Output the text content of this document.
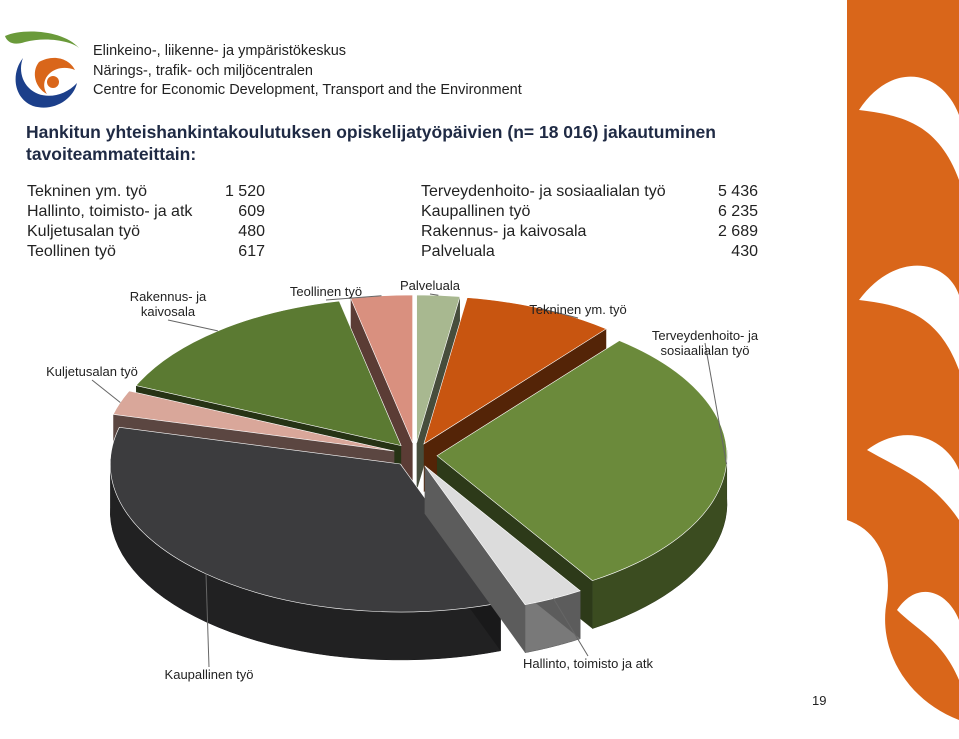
Elinkeino-, liikenne- ja ympäristökeskus
Närings-, trafik- och miljöcentralen
Centre for Economic Development, Transport and the Environment
Hankitun yhteishankintakoulutuksen opiskelijatyöpäivien (n= 18 016) jakautuminen
tavoiteammateittain:
Tekninen ym. työ	1 520
Hallinto, toimisto- ja atk	609
Kuljetusalan työ	480
Teollinen työ	617
Terveydenhoito- ja sosiaalialan työ	5 436
Kaupallinen työ	6 235
Rakennus- ja kaivosala	2 689
Palveluala	430
Palveluala
Tekninen ym. työ
Terveydenhoito- ja
sosiaalialan työ
Hallinto, toimisto ja atk
Kaupallinen työ
Kuljetusalan työ
Rakennus- ja
kaivosala
Teollinen työ
19
